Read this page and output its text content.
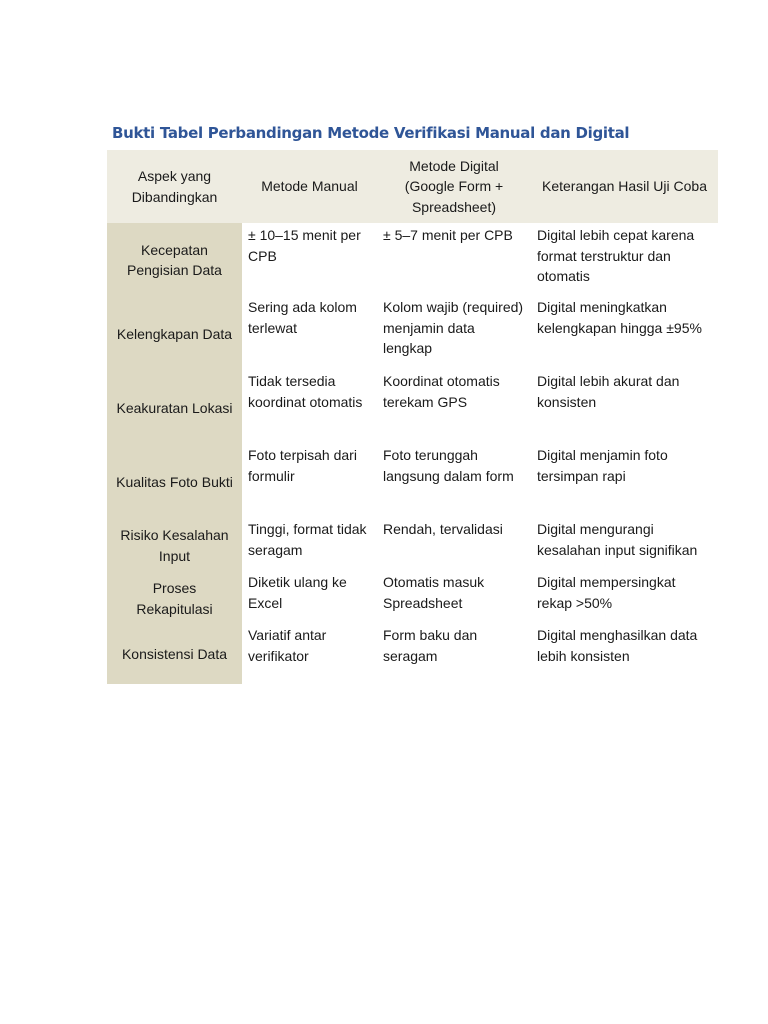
Bukti Tabel Perbandingan Metode Verifikasi Manual dan Digital
Aspek yang Dibandingkan	Metode Manual	Metode Digital (Google Form + Spreadsheet)	Keterangan Hasil Uji Coba
Kecepatan Pengisian Data	± 10–15 menit per CPB	± 5–7 menit per CPB	Digital lebih cepat karena format terstruktur dan otomatis
Kelengkapan Data	Sering ada kolom terlewat	Kolom wajib (required) menjamin data lengkap	Digital meningkatkan kelengkapan hingga ±95%
Keakuratan Lokasi	Tidak tersedia koordinat otomatis	Koordinat otomatis terekam GPS	Digital lebih akurat dan konsisten
Kualitas Foto Bukti	Foto terpisah dari formulir	Foto terunggah langsung dalam form	Digital menjamin foto tersimpan rapi
Risiko Kesalahan Input	Tinggi, format tidak seragam	Rendah, tervalidasi	Digital mengurangi kesalahan input signifikan
Proses Rekapitulasi	Diketik ulang ke Excel	Otomatis masuk Spreadsheet	Digital mempersingkat rekap >50%
Konsistensi Data	Variatif antar verifikator	Form baku dan seragam	Digital menghasilkan data lebih konsisten
